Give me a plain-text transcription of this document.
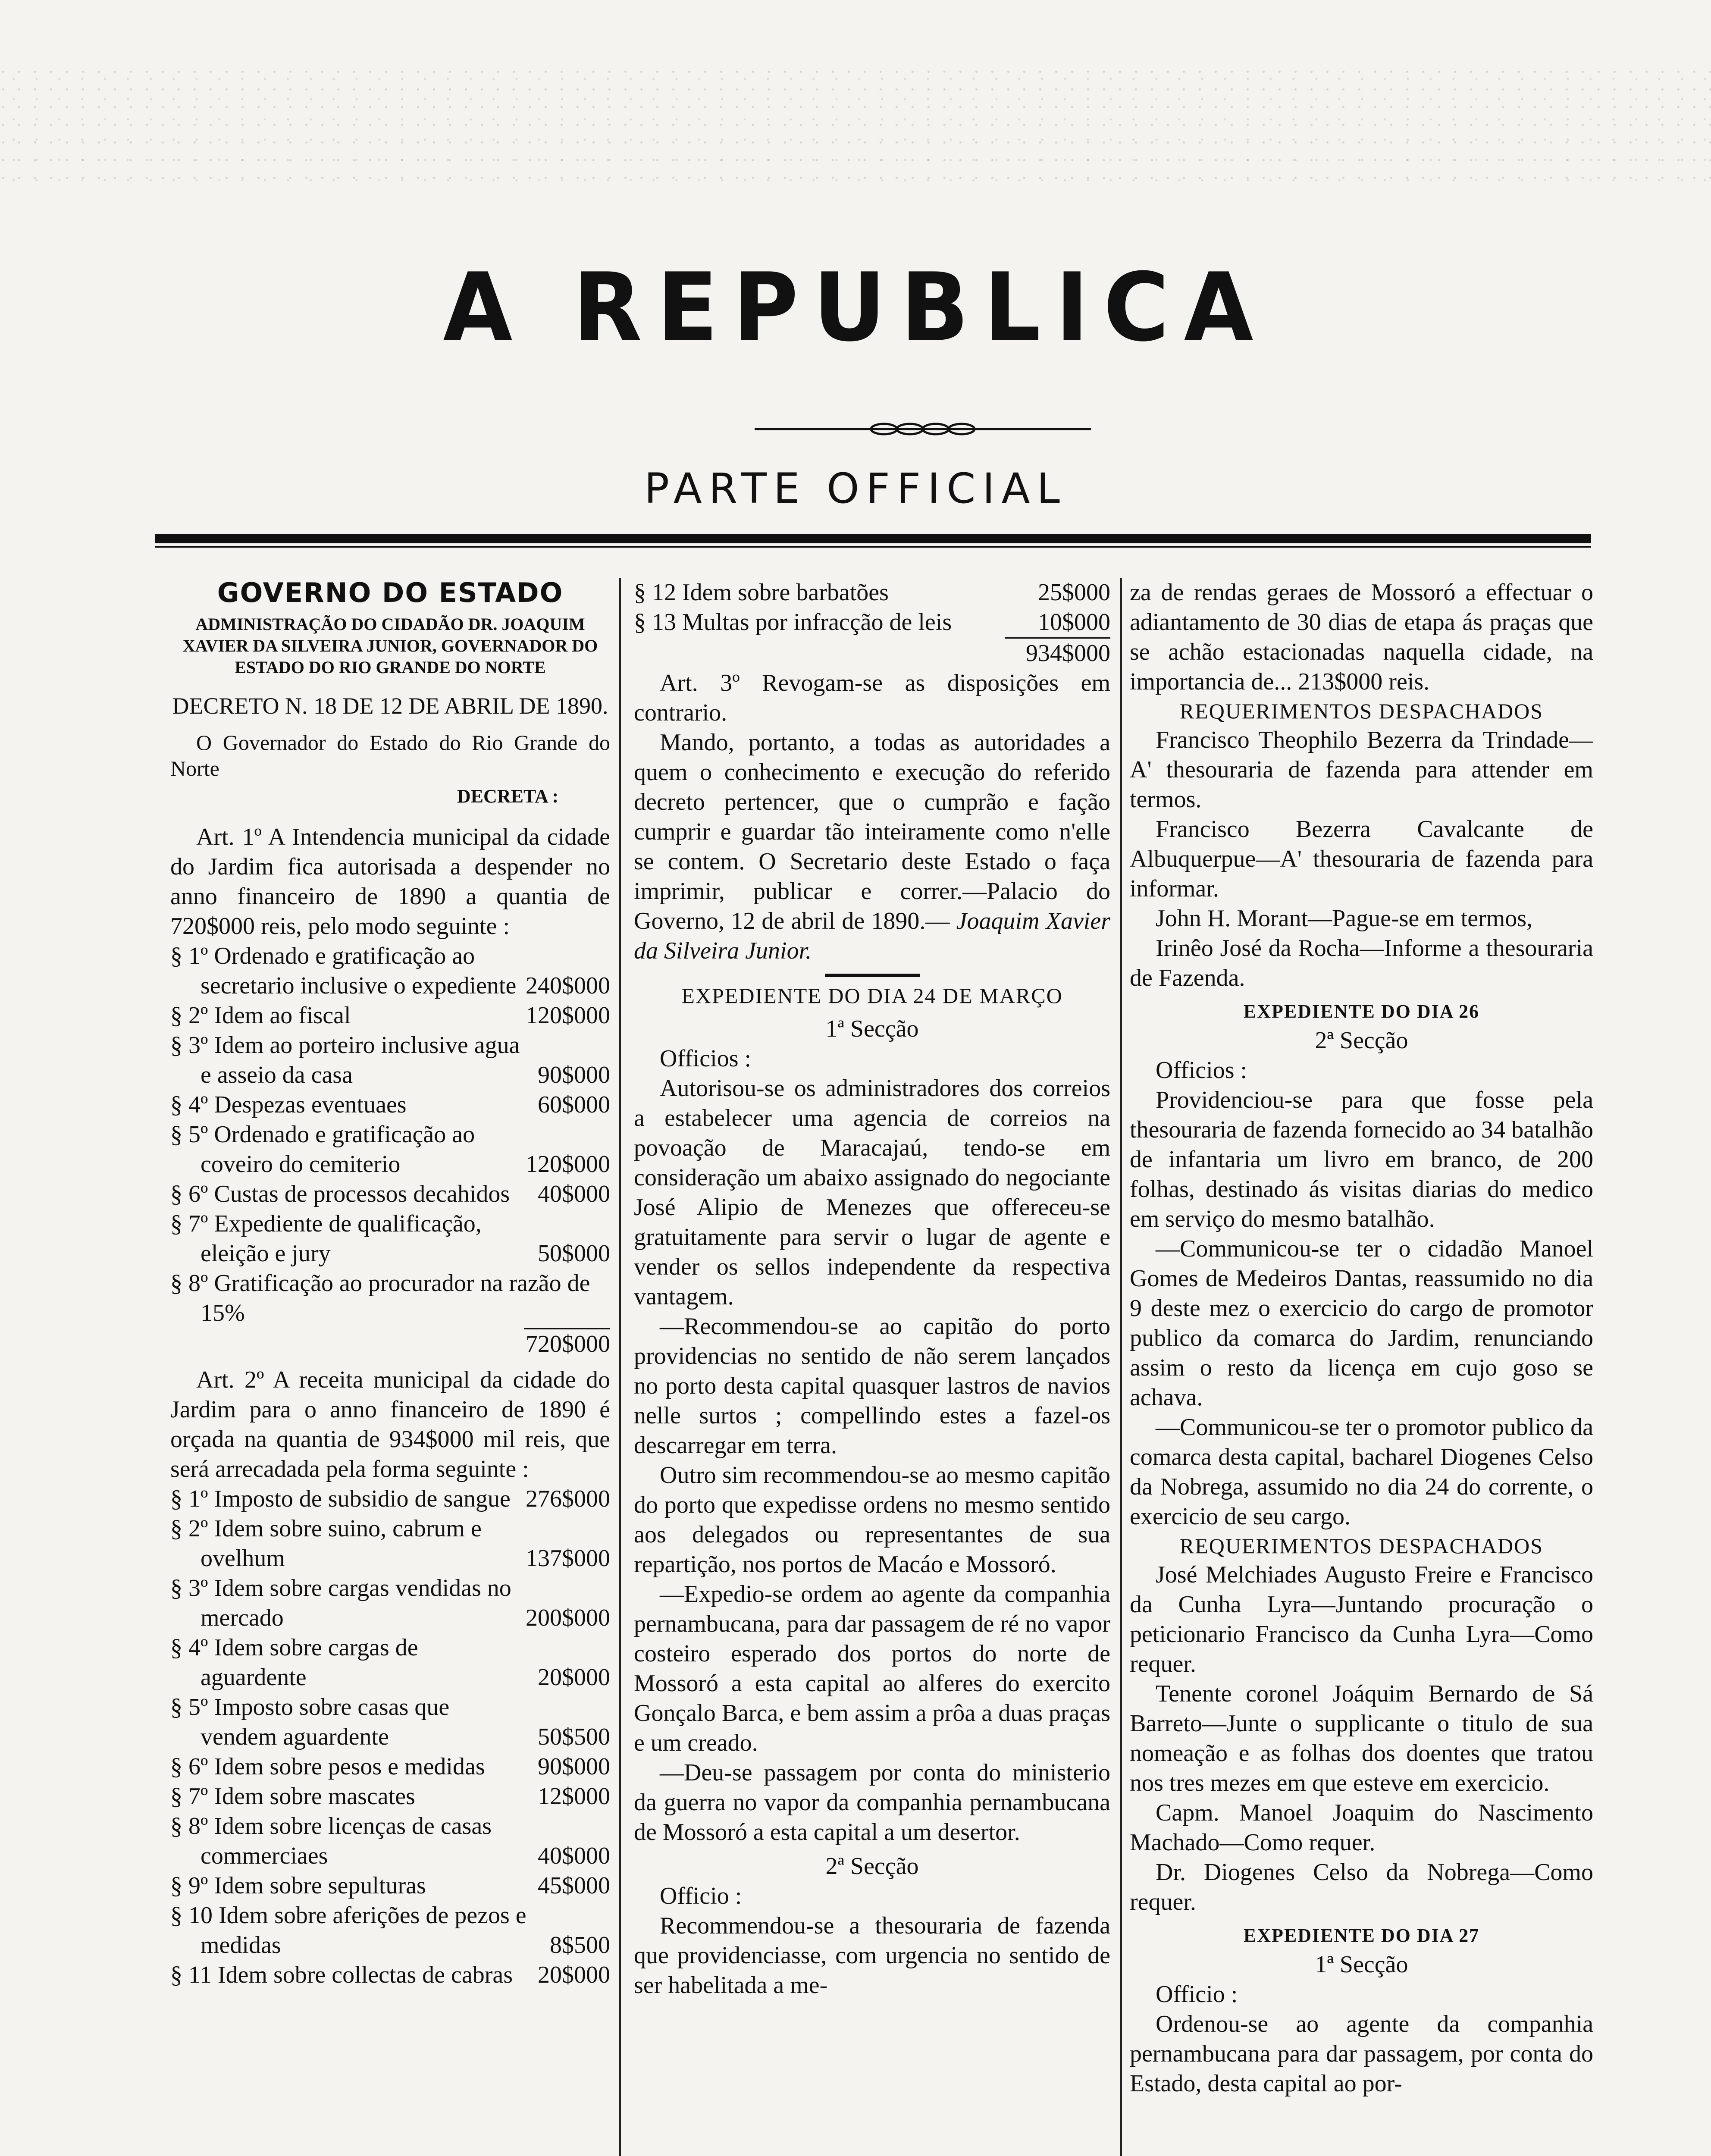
A REPUBLICA
PARTE OFFICIAL
GOVERNO DO ESTADO
ADMINISTRAÇÃO DO CIDADÃO DR. JOAQUIM XAVIER DA SILVEIRA JUNIOR, GOVERNADOR DO ESTADO DO RIO GRANDE DO NORTE
DECRETO N. 18 DE 12 DE ABRIL DE 1890.

O Governador do Estado do Rio Grande do Norte

DECRETA :

Art. 1º A Intendencia municipal da cidade do Jardim fica autorisada a despender no anno financeiro de 1890 a quantia de 720$000 reis, pelo modo seguinte :

§ 1º Ordenado e gratificação ao secretario inclusive o expediente 240$000
§ 2º Idem ao fiscal	120$000
§ 3º Idem ao porteiro inclusive agua e asseio da casa	90$000
§ 4º Despezas eventuaes	60$000
§ 5º Ordenado e gratificação ao coveiro do cemiterio	120$000
§ 6º Custas de processos decahidos	40$000
§ 7º Expediente de qualificação, eleição e jury	50$000
§ 8º Gratificação ao procurador na razão de 15%
720$000

Art. 2º A receita municipal da cidade do Jardim para o anno financeiro de 1890 é orçada na quantia de 934$000 mil reis, que será arrecadada pela forma seguinte :

§ 1º Imposto de subsidio de sangue 276$000
§ 2º Idem sobre suino, cabrum e ovelhum	137$000
§ 3º Idem sobre cargas vendidas no mercado	200$000
§ 4º Idem sobre cargas de aguardente	20$000
§ 5º Imposto sobre casas que vendem aguardente	50$500
§ 6º Idem sobre pesos e medidas	90$000
§ 7º Idem sobre mascates	12$000
§ 8º Idem sobre licenças de casas commerciaes	40$000
§ 9º Idem sobre sepulturas	45$000
§ 10 Idem sobre aferições de pezos e medidas	8$500
§ 11 Idem sobre collectas de cabras	20$000
§ 12 Idem sobre barbatões	25$000
§ 13 Multas por infracção de leis	10$000
934$000

Art. 3º Revogam-se as disposições em contrario.

Mando, portanto, a todas as autoridades a quem o conhecimento e execução do referido decreto pertencer, que o cumprão e fação cumprir e guardar tão inteiramente como n'elle se contem. O Secretario deste Estado o faça imprimir, publicar e correr.—Palacio do Governo, 12 de abril de 1890.— Joaquim Xavier da Silveira Junior.

EXPEDIENTE DO DIA 24 DE MARÇO
1ª Secção

Officios :

Autorisou-se os administradores dos correios a estabelecer uma agencia de correios na povoação de Maracajaú, tendo-se em consideração um abaixo assignado do negociante José Alipio de Menezes que offereceu-se gratuitamente para servir o lugar de agente e vender os sellos independente da respectiva vantagem.

—Recommendou-se ao capitão do porto providencias no sentido de não serem lançados no porto desta capital quasquer lastros de navios nelle surtos ; compellindo estes a fazel-os descarregar em terra.

Outro sim recommendou-se ao mesmo capitão do porto que expedisse ordens no mesmo sentido aos delegados ou representantes de sua repartição, nos portos de Macáo e Mossoró.

—Expedio-se ordem ao agente da companhia pernambucana, para dar passagem de ré no vapor costeiro esperado dos portos do norte de Mossoró a esta capital ao alferes do exercito Gonçalo Barca, e bem assim a prôa a duas praças e um creado.

—Deu-se passagem por conta do ministerio da guerra no vapor da companhia pernambucana de Mossoró a esta capital a um desertor.

2ª Secção

Officio :

Recommendou-se a thesouraria de fazenda que providenciasse, com urgencia no sentido de ser habelitada a me-

za de rendas geraes de Mossoró a effectuar o adiantamento de 30 dias de etapa ás praças que se achão estacionadas naquella cidade, na importancia de... 213$000 reis.

REQUERIMENTOS DESPACHADOS

Francisco Theophilo Bezerra da Trindade—A' thesouraria de fazenda para attender em termos.

Francisco Bezerra Cavalcante de Albuquerpue—A' thesouraria de fazenda para informar.

John H. Morant—Pague-se em termos,

Irinêo José da Rocha—Informe a thesouraria de Fazenda.

EXPEDIENTE DO DIA 26
2ª Secção

Officios :

Providenciou-se para que fosse pela thesouraria de fazenda fornecido ao 34 batalhão de infantaria um livro em branco, de 200 folhas, destinado ás visitas diarias do medico em serviço do mesmo batalhão.

—Communicou-se ter o cidadão Manoel Gomes de Medeiros Dantas, reassumido no dia 9 deste mez o exercicio do cargo de promotor publico da comarca do Jardim, renunciando assim o resto da licença em cujo goso se achava.

—Communicou-se ter o promotor publico da comarca desta capital, bacharel Diogenes Celso da Nobrega, assumido no dia 24 do corrente, o exercicio de seu cargo.

REQUERIMENTOS DESPACHADOS

José Melchiades Augusto Freire e Francisco da Cunha Lyra—Juntando procuração o peticionario Francisco da Cunha Lyra—Como requer.

Tenente coronel Joáquim Bernardo de Sá Barreto—Junte o supplicante o titulo de sua nomeação e as folhas dos doentes que tratou nos tres mezes em que esteve em exercicio.

Capm. Manoel Joaquim do Nascimento Machado—Como requer.

Dr. Diogenes Celso da Nobrega—Como requer.

EXPEDIENTE DO DIA 27
1ª Secção

Officio :

Ordenou-se ao agente da companhia pernambucana para dar passagem, por conta do Estado, desta capital ao por-
